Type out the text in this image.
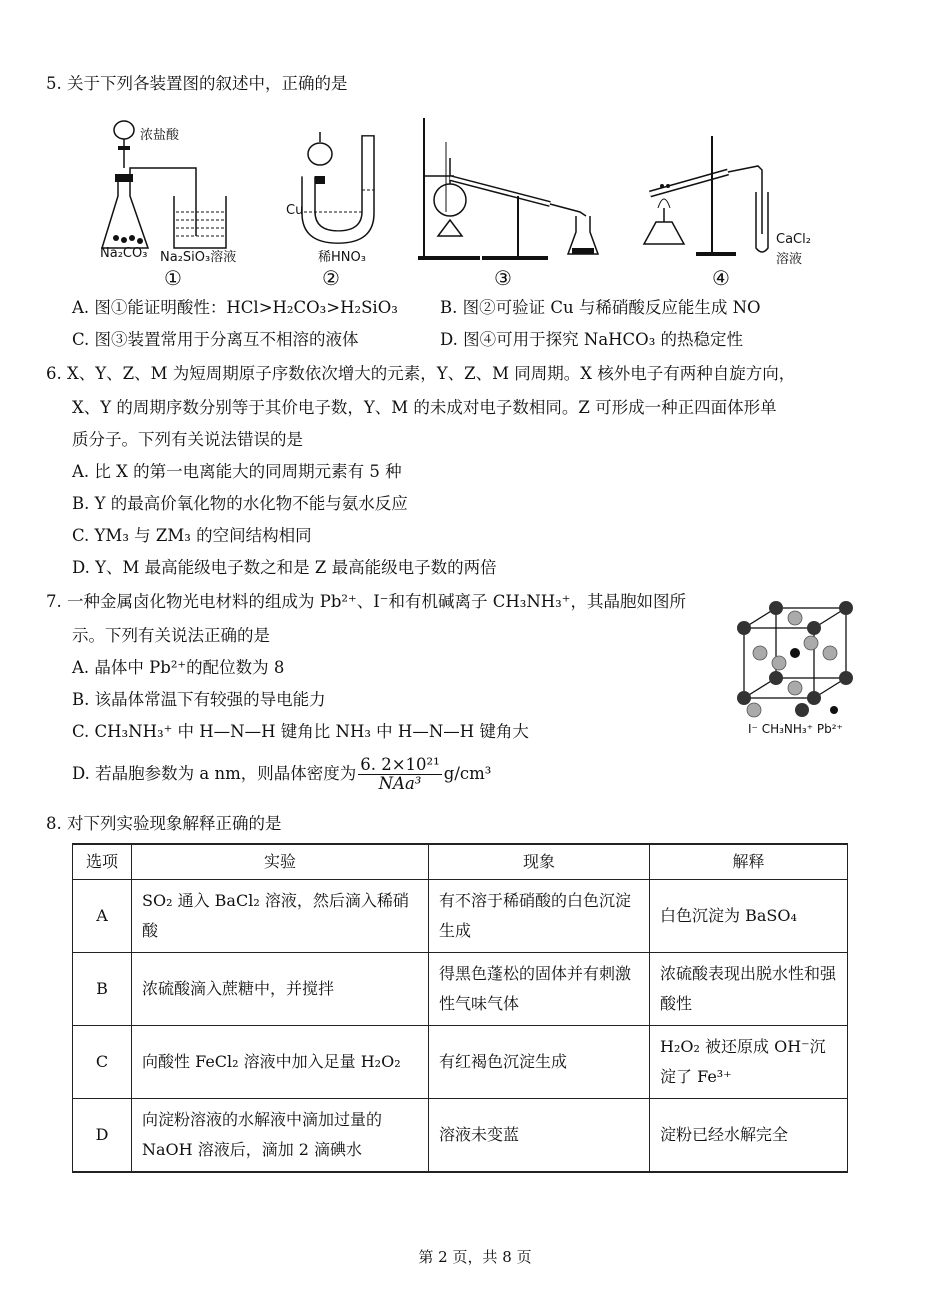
5. 关于下列各装置图的叙述中，正确的是
浓盐酸
Na₂CO₃ Na₂SiO₃溶液
①
Cu
稀HNO₃
②	③
CaCl₂
溶液
④
A. 图①能证明酸性：HCl>H₂CO₃>H₂SiO₃	B. 图②可验证 Cu 与稀硝酸反应能生成 NO
C. 图③装置常用于分离互不相溶的液体	D. 图④可用于探究 NaHCO₃ 的热稳定性
6. X、Y、Z、M 为短周期原子序数依次增大的元素，Y、Z、M 同周期。X 核外电子有两种自旋方向，
X、Y 的周期序数分别等于其价电子数，Y、M 的未成对电子数相同。Z 可形成一种正四面体形单
质分子。下列有关说法错误的是
A. 比 X 的第一电离能大的同周期元素有 5 种
B. Y 的最高价氧化物的水化物不能与氨水反应
C. YM₃ 与 ZM₃ 的空间结构相同
D. Y、M 最高能级电子数之和是 Z 最高能级电子数的两倍
7. 一种金属卤化物光电材料的组成为 Pb²⁺、I⁻和有机碱离子 CH₃NH₃⁺，其晶胞如图所
示。下列有关说法正确的是
A. 晶体中 Pb²⁺的配位数为 8
B. 该晶体常温下有较强的导电能力
C. CH₃NH₃⁺ 中 H—N—H 键角比 NH₃ 中 H—N—H 键角大
D. 若晶胞参数为 a nm，则晶体密度为 $\frac{\text{6. 2×10²¹}}{\text{NAa³}} g/cm^3$
I⁻ CH₃NH₃⁺ Pb²⁺
8. 对下列实验现象解释正确的是
选项	实验	现象	解释
A	SO₂ 通入 BaCl₂ 溶液，然后滴入稀硝酸	有不溶于稀硝酸的白色沉淀生成	白色沉淀为 BaSO₄
B	浓硫酸滴入蔗糖中，并搅拌	得黑色蓬松的固体并有刺激性气味气体	浓硫酸表现出脱水性和强酸性
C	向酸性 FeCl₂ 溶液中加入足量 H₂O₂	有红褐色沉淀生成	H₂O₂ 被还原成 OH⁻沉淀了 Fe³⁺
D	向淀粉溶液的水解液中滴加过量的 NaOH 溶液后，滴加 2 滴碘水	溶液未变蓝	淀粉已经水解完全
第 2 页，共 8 页
